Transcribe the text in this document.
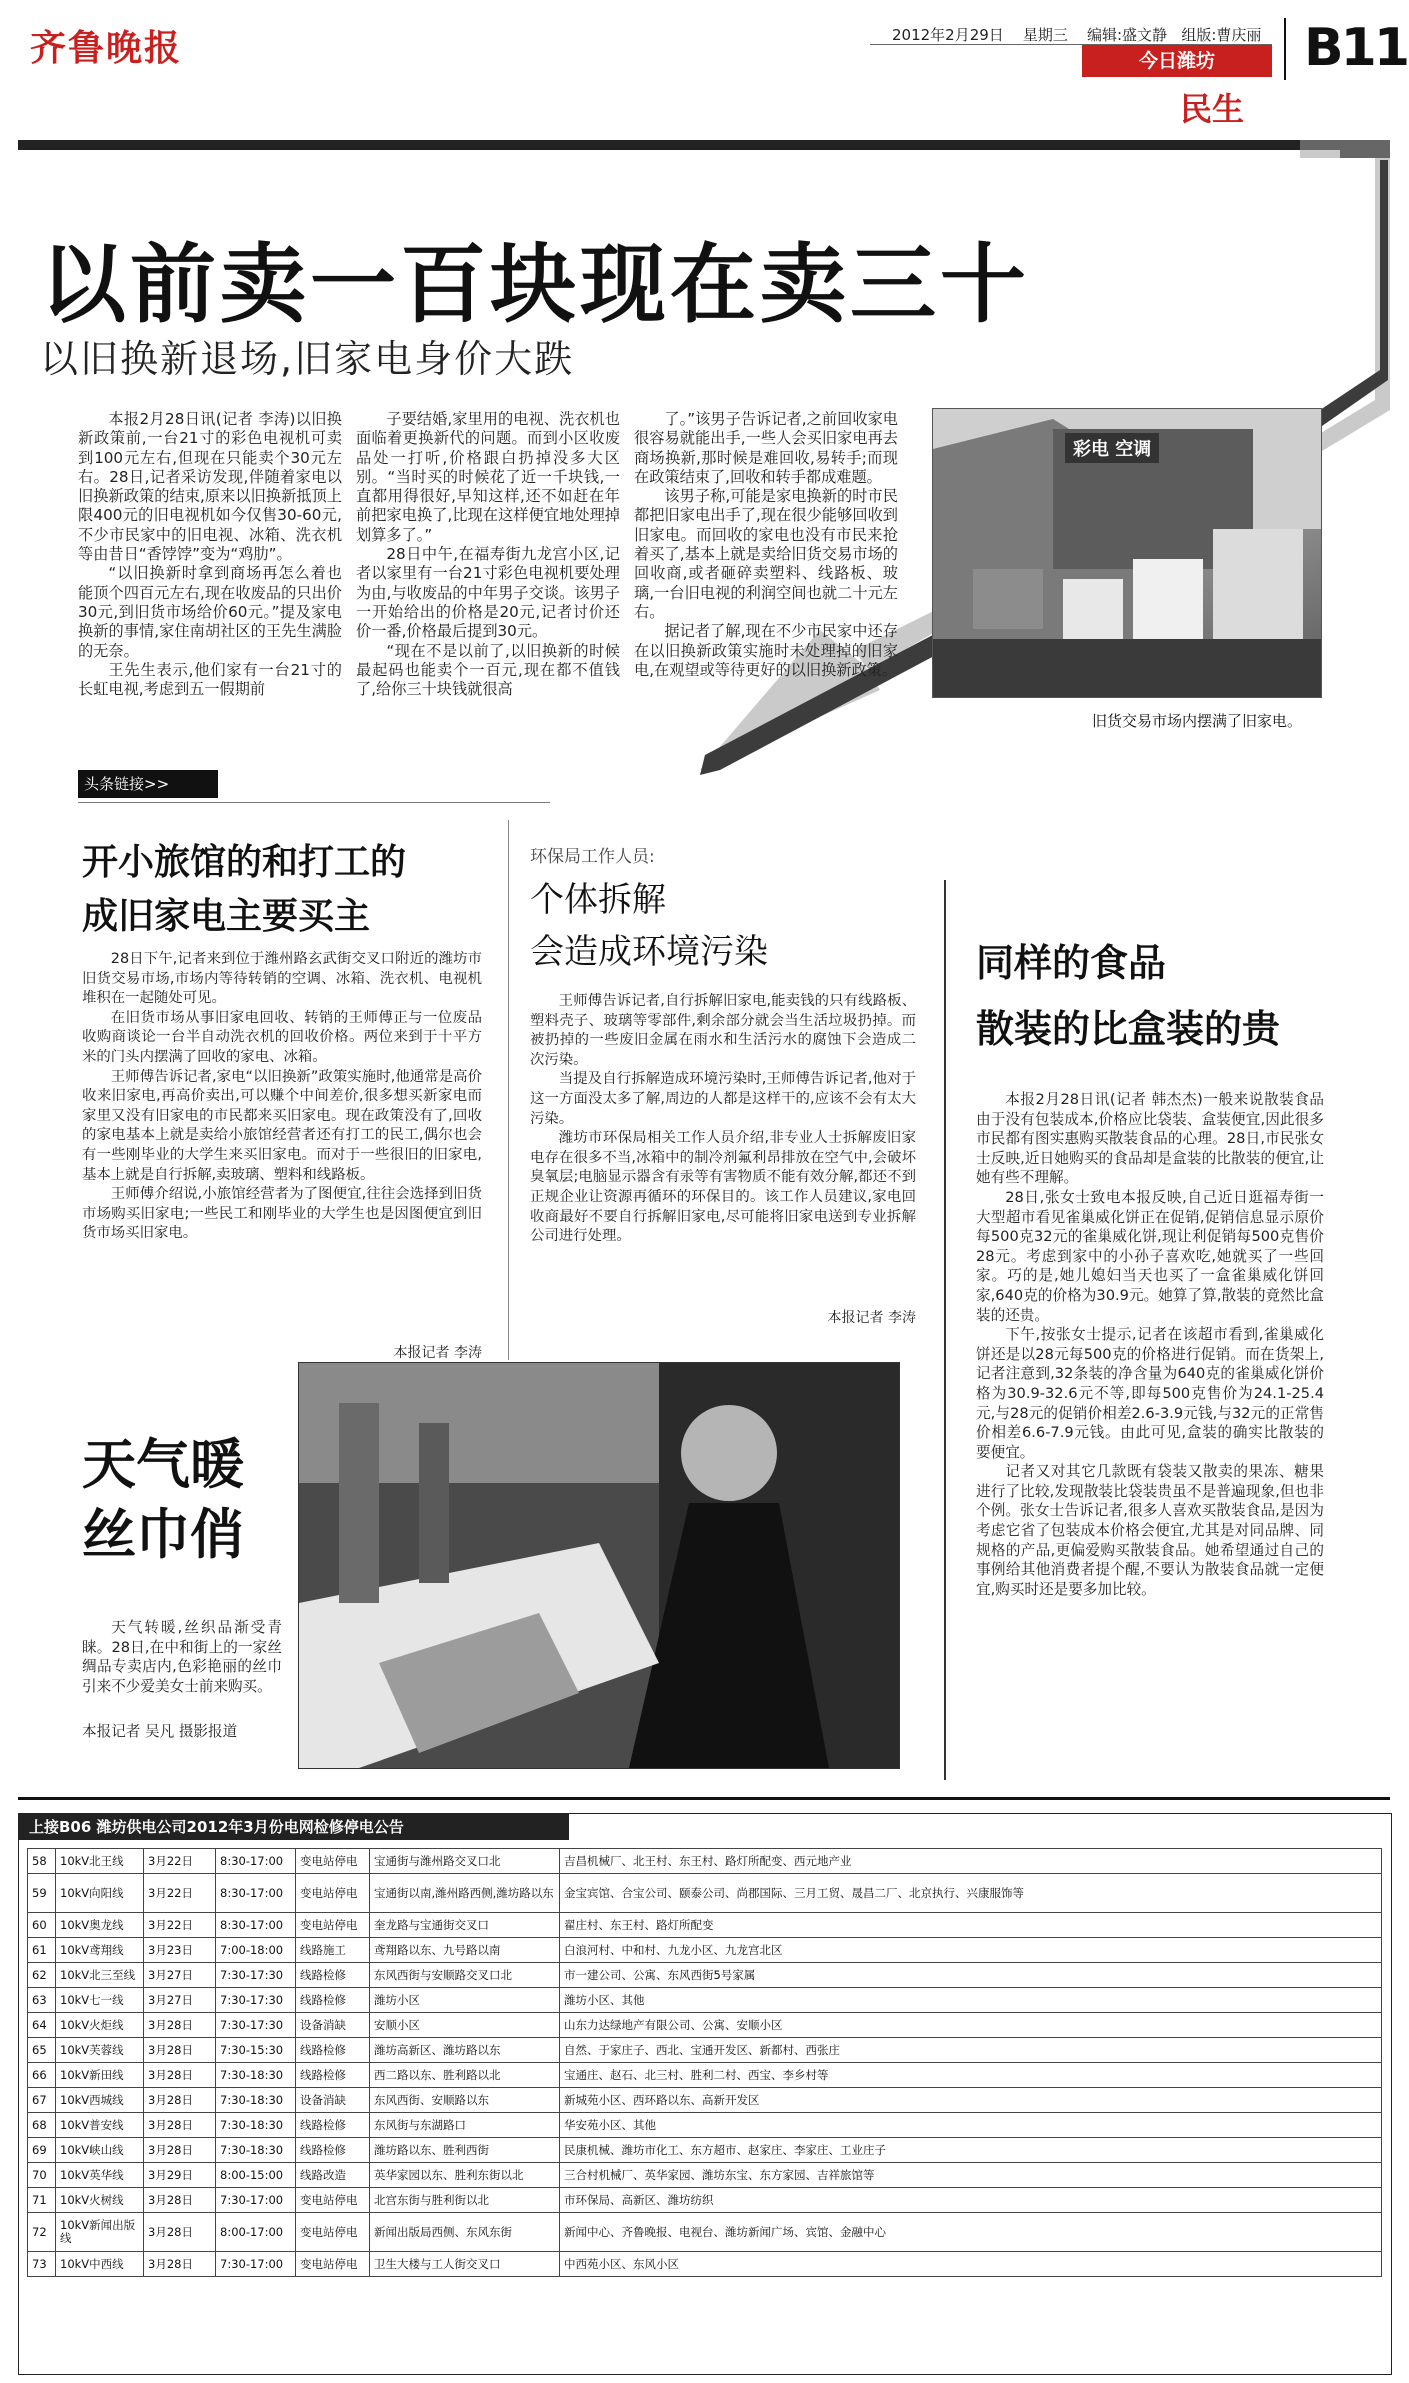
齐鲁晚报	2012年2月29日 星期三 编辑:盛文静 组版:曹庆丽
今日潍坊
民生
B11
以前卖一百块现在卖三十
以旧换新退场,旧家电身价大跌

本报2月28日讯(记者 李涛)以旧换新政策前,一台21寸的彩色电视机可卖到100元左右,但现在只能卖个30元左右。28日,记者采访发现,伴随着家电以旧换新政策的结束,原来以旧换新抵顶上限400元的旧电视机如今仅售30-60元,不少市民家中的旧电视、冰箱、洗衣机等由昔日“香饽饽”变为“鸡肋”。

“以旧换新时拿到商场再怎么着也能顶个四百元左右,现在收废品的只出价30元,到旧货市场给价60元。”提及家电换新的事情,家住南胡社区的王先生满脸的无奈。

王先生表示,他们家有一台21寸的长虹电视,考虑到五一假期前

子要结婚,家里用的电视、洗衣机也面临着更换新代的问题。而到小区收废品处一打听,价格跟白扔掉没多大区别。“当时买的时候花了近一千块钱,一直都用得很好,早知这样,还不如赶在年前把家电换了,比现在这样便宜地处理掉划算多了。”

28日中午,在福寿街九龙宫小区,记者以家里有一台21寸彩色电视机要处理为由,与收废品的中年男子交谈。该男子一开始给出的价格是20元,记者讨价还价一番,价格最后提到30元。

“现在不是以前了,以旧换新的时候最起码也能卖个一百元,现在都不值钱了,给你三十块钱就很高

了。”该男子告诉记者,之前回收家电很容易就能出手,一些人会买旧家电再去商场换新,那时候是难回收,易转手;而现在政策结束了,回收和转手都成难题。

该男子称,可能是家电换新的时市民都把旧家电出手了,现在很少能够回收到旧家电。而回收的家电也没有市民来抢着买了,基本上就是卖给旧货交易市场的回收商,或者砸碎卖塑料、线路板、玻璃,一台旧电视的利润空间也就二十元左右。

据记者了解,现在不少市民家中还存在以旧换新政策实施时未处理掉的旧家电,在观望或等待更好的以旧换新政策。

彩电 空调
旧货交易市场内摆满了旧家电。
头条链接>>
开小旅馆的和打工的
成旧家电主要买主

28日下午,记者来到位于潍州路玄武街交叉口附近的潍坊市旧货交易市场,市场内等待转销的空调、冰箱、洗衣机、电视机堆积在一起随处可见。

在旧货市场从事旧家电回收、转销的王师傅正与一位废品收购商谈论一台半自动洗衣机的回收价格。两位来到于十平方米的门头内摆满了回收的家电、冰箱。

王师傅告诉记者,家电“以旧换新”政策实施时,他通常是高价收来旧家电,再高价卖出,可以赚个中间差价,很多想买新家电而家里又没有旧家电的市民都来买旧家电。现在政策没有了,回收的家电基本上就是卖给小旅馆经营者还有打工的民工,偶尔也会有一些刚毕业的大学生来买旧家电。而对于一些很旧的旧家电,基本上就是自行拆解,卖玻璃、塑料和线路板。

王师傅介绍说,小旅馆经营者为了图便宜,往往会选择到旧货市场购买旧家电;一些民工和刚毕业的大学生也是因图便宜到旧货市场买旧家电。

本报记者 李涛
环保局工作人员:
个体拆解
会造成环境污染

王师傅告诉记者,自行拆解旧家电,能卖钱的只有线路板、塑料壳子、玻璃等零部件,剩余部分就会当生活垃圾扔掉。而被扔掉的一些废旧金属在雨水和生活污水的腐蚀下会造成二次污染。

当提及自行拆解造成环境污染时,王师傅告诉记者,他对于这一方面没太多了解,周边的人都是这样干的,应该不会有太大污染。

潍坊市环保局相关工作人员介绍,非专业人士拆解废旧家电存在很多不当,冰箱中的制冷剂氟利昂排放在空气中,会破坏臭氧层;电脑显示器含有汞等有害物质不能有效分解,都还不到正规企业让资源再循环的环保目的。该工作人员建议,家电回收商最好不要自行拆解旧家电,尽可能将旧家电送到专业拆解公司进行处理。

本报记者 李涛
同样的食品
散装的比盒装的贵

本报2月28日讯(记者 韩杰杰)一般来说散装食品由于没有包装成本,价格应比袋装、盒装便宜,因此很多市民都有图实惠购买散装食品的心理。28日,市民张女士反映,近日她购买的食品却是盒装的比散装的便宜,让她有些不理解。

28日,张女士致电本报反映,自己近日逛福寿街一大型超市看见雀巢威化饼正在促销,促销信息显示原价每500克32元的雀巢威化饼,现让利促销每500克售价28元。考虑到家中的小孙子喜欢吃,她就买了一些回家。巧的是,她儿媳妇当天也买了一盒雀巢威化饼回家,640克的价格为30.9元。她算了算,散装的竟然比盒装的还贵。

下午,按张女士提示,记者在该超市看到,雀巢威化饼还是以28元每500克的价格进行促销。而在货架上,记者注意到,32条装的净含量为640克的雀巢威化饼价格为30.9-32.6元不等,即每500克售价为24.1-25.4元,与28元的促销价相差2.6-3.9元钱,与32元的正常售价相差6.6-7.9元钱。由此可见,盒装的确实比散装的要便宜。

记者又对其它几款既有袋装又散卖的果冻、糖果进行了比较,发现散装比袋装贵虽不是普遍现象,但也非个例。张女士告诉记者,很多人喜欢买散装食品,是因为考虑它省了包装成本价格会便宜,尤其是对同品牌、同规格的产品,更偏爱购买散装食品。她希望通过自己的事例给其他消费者提个醒,不要认为散装食品就一定便宜,购买时还是要多加比较。

天气暖
丝巾俏

天气转暖,丝织品渐受青睐。28日,在中和街上的一家丝绸品专卖店内,色彩艳丽的丝巾引来不少爱美女士前来购买。

本报记者 吴凡 摄影报道
上接B06 潍坊供电公司2012年3月份电网检修停电公告
58	10kV北王线	3月22日	8:30-17:00	变电站停电	宝通街与潍州路交叉口北	吉昌机械厂、北王村、东王村、路灯所配变、西元地产业
59	10kV向阳线	3月22日	8:30-17:00	变电站停电	宝通街以南,潍州路西侧,潍坊路以东	金宝宾馆、合宝公司、颐泰公司、尚郡国际、三月工贸、晟昌二厂、北京执行、兴康服饰等
60	10kV奥龙线	3月22日	8:30-17:00	变电站停电	奎龙路与宝通街交叉口	翟庄村、东王村、路灯所配变
61	10kV鸢翔线	3月23日	7:00-18:00	线路施工	鸢翔路以东、九号路以南	白浪河村、中和村、九龙小区、九龙宫北区
62	10kV北三至线	3月27日	7:30-17:30	线路检修	东风西街与安顺路交叉口北	市一建公司、公寓、东风西街5号家属
63	10kV七一线	3月27日	7:30-17:30	线路检修	潍坊小区	潍坊小区、其他
64	10kV火炬线	3月28日	7:30-17:30	设备消缺	安顺小区	山东力达绿地产有限公司、公寓、安顺小区
65	10kV芙蓉线	3月28日	7:30-15:30	线路检修	潍坊高新区、潍坊路以东	自然、于家庄子、西北、宝通开发区、新都村、西张庄
66	10kV新田线	3月28日	7:30-18:30	线路检修	西二路以东、胜利路以北	宝通庄、赵石、北三村、胜利二村、西宝、李乡村等
67	10kV西城线	3月28日	7:30-18:30	设备消缺	东风西街、安顺路以东	新城苑小区、西环路以东、高新开发区
68	10kV普安线	3月28日	7:30-18:30	线路检修	东风街与东湖路口	华安苑小区、其他
69	10kV峡山线	3月28日	7:30-18:30	线路检修	潍坊路以东、胜利西街	民康机械、潍坊市化工、东方超市、赵家庄、李家庄、工业庄子
70	10kV英华线	3月29日	8:00-15:00	线路改造	英华家园以东、胜利东街以北	三合村机械厂、英华家园、潍坊东宝、东方家园、吉祥旅馆等
71	10kV火树线	3月28日	7:30-17:00	变电站停电	北宫东街与胜利街以北	市环保局、高新区、潍坊纺织
72	10kV新闻出版线	3月28日	8:00-17:00	变电站停电	新闻出版局西侧、东风东街	新闻中心、齐鲁晚报、电视台、潍坊新闻广场、宾馆、金融中心
73	10kV中西线	3月28日	7:30-17:00	变电站停电	卫生大楼与工人街交叉口	中西苑小区、东风小区
